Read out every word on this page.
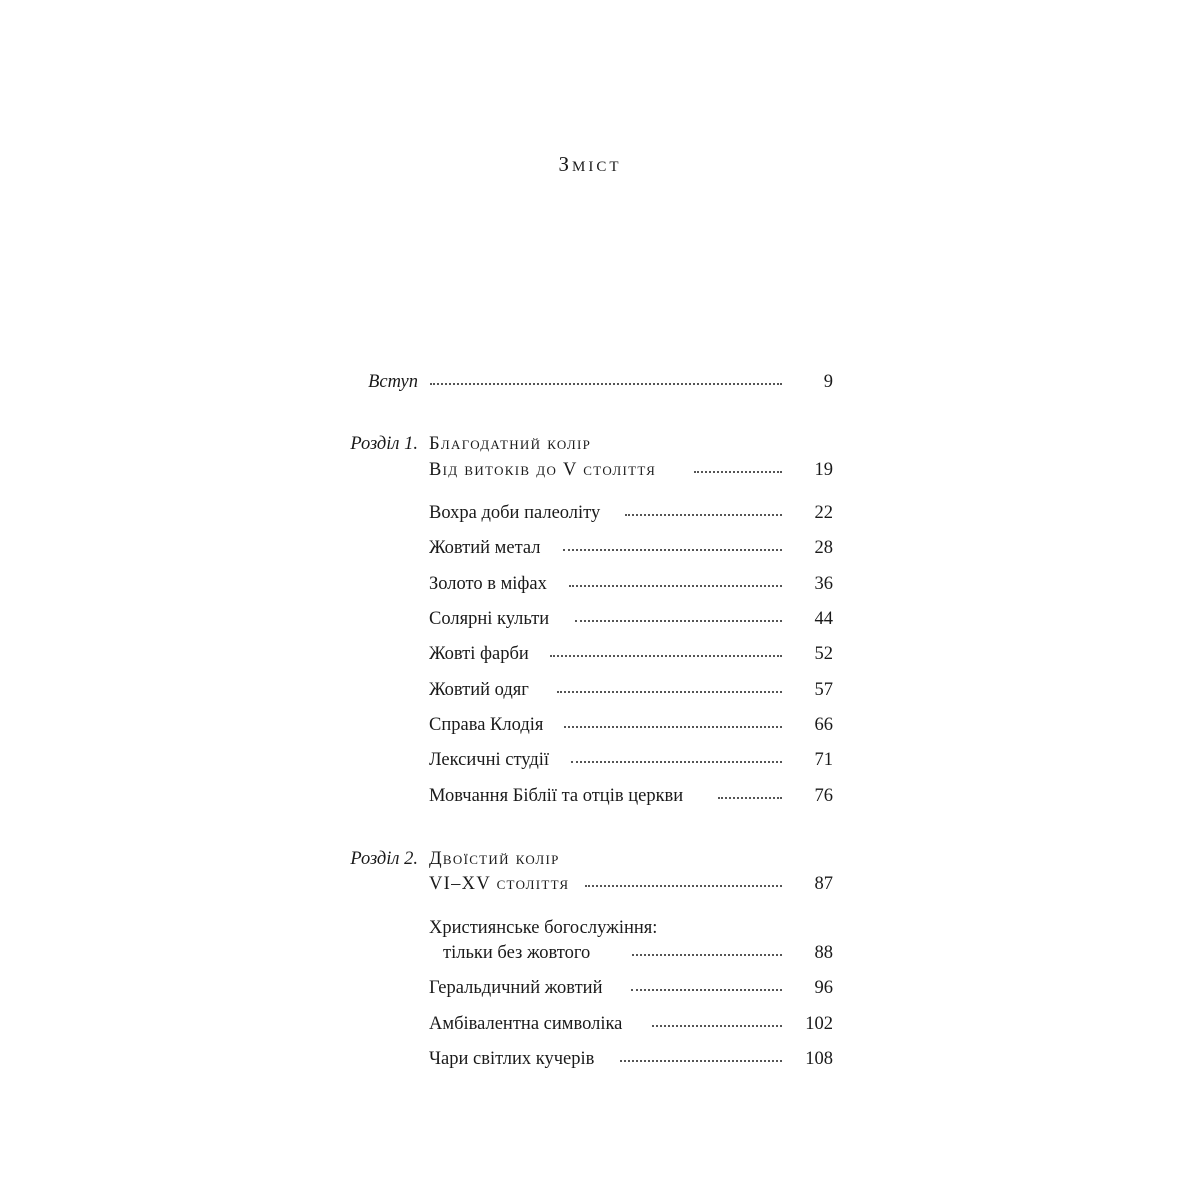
Зміст
Вступ	9
Розділ 1. Благодатний колір
Від витоків до V століття	19
Вохра доби палеоліту	22
Жовтий метал	28
Золото в міфах	36
Солярні культи	44
Жовті фарби	52
Жовтий одяг	57
Справа Клодія	66
Лексичні студії	71
Мовчання Біблії та отців церкви	76
Розділ 2. Двоїстий колір
VI–XV століття	87
Християнське богослужіння:
тільки без жовтого	88
Геральдичний жовтий	96
Амбівалентна символіка	102
Чари світлих кучерів	108
